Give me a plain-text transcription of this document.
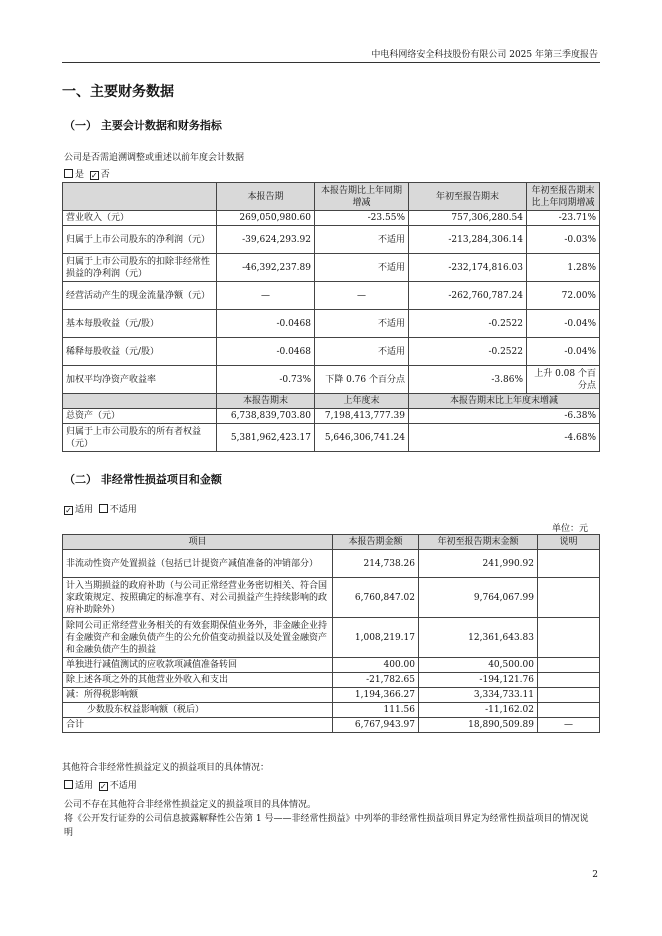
中电科网络安全科技股份有限公司 2025 年第三季度报告
一、主要财务数据
（一） 主要会计数据和财务指标
公司是否需追溯调整或重述以前年度会计数据
是 ✓ 否
	本报告期	本报告期比上年同期增减	年初至报告期末	年初至报告期末比上年同期增减
营业收入（元）	269,050,980.60	-23.55%	757,306,280.54	-23.71%
归属于上市公司股东的净利润（元）	-39,624,293.92	不适用	-213,284,306.14	-0.03%
归属于上市公司股东的扣除非经常性损益的净利润（元）	-46,392,237.89	不适用	-232,174,816.03	1.28%
经营活动产生的现金流量净额（元）	—	—	-262,760,787.24	72.00%
基本每股收益（元/股）	-0.0468	不适用	-0.2522	-0.04%
稀释每股收益（元/股）	-0.0468	不适用	-0.2522	-0.04%
加权平均净资产收益率	-0.73%	下降 0.76 个百分点	-3.86%	上升 0.08 个百分点
	本报告期末	上年度末	本报告期末比上年度末增减	
总资产（元）	6,738,839,703.80	7,198,413,777.39	-6.38%	
归属于上市公司股东的所有者权益（元）	5,381,962,423.17	5,646,306,741.24	-4.68%	
（二） 非经常性损益项目和金额
✓ 适用 不适用
单位：元
项目	本报告期金额	年初至报告期末金额	说明
非流动性资产处置损益（包括已计提资产减值准备的冲销部分）	214,738.26	241,990.92	
计入当期损益的政府补助（与公司正常经营业务密切相关、符合国家政策规定、按照确定的标准享有、对公司损益产生持续影响的政府补助除外）	6,760,847.02	9,764,067.99	
除同公司正常经营业务相关的有效套期保值业务外，非金融企业持有金融资产和金融负债产生的公允价值变动损益以及处置金融资产和金融负债产生的损益	1,008,219.17	12,361,643.83	
单独进行减值测试的应收款项减值准备转回	400.00	40,500.00	
除上述各项之外的其他营业外收入和支出	-21,782.65	-194,121.76	
减：所得税影响额	1,194,366.27	3,334,733.11	
少数股东权益影响额（税后）	111.56	-11,162.02	
合计	6,767,943.97	18,890,509.89	—
其他符合非经常性损益定义的损益项目的具体情况：
适用 ✓ 不适用
公司不存在其他符合非经常性损益定义的损益项目的具体情况。
将《公开发行证券的公司信息披露解释性公告第 1 号——非经常性损益》中列举的非经常性损益项目界定为经常性损益项目的情况说明
2
